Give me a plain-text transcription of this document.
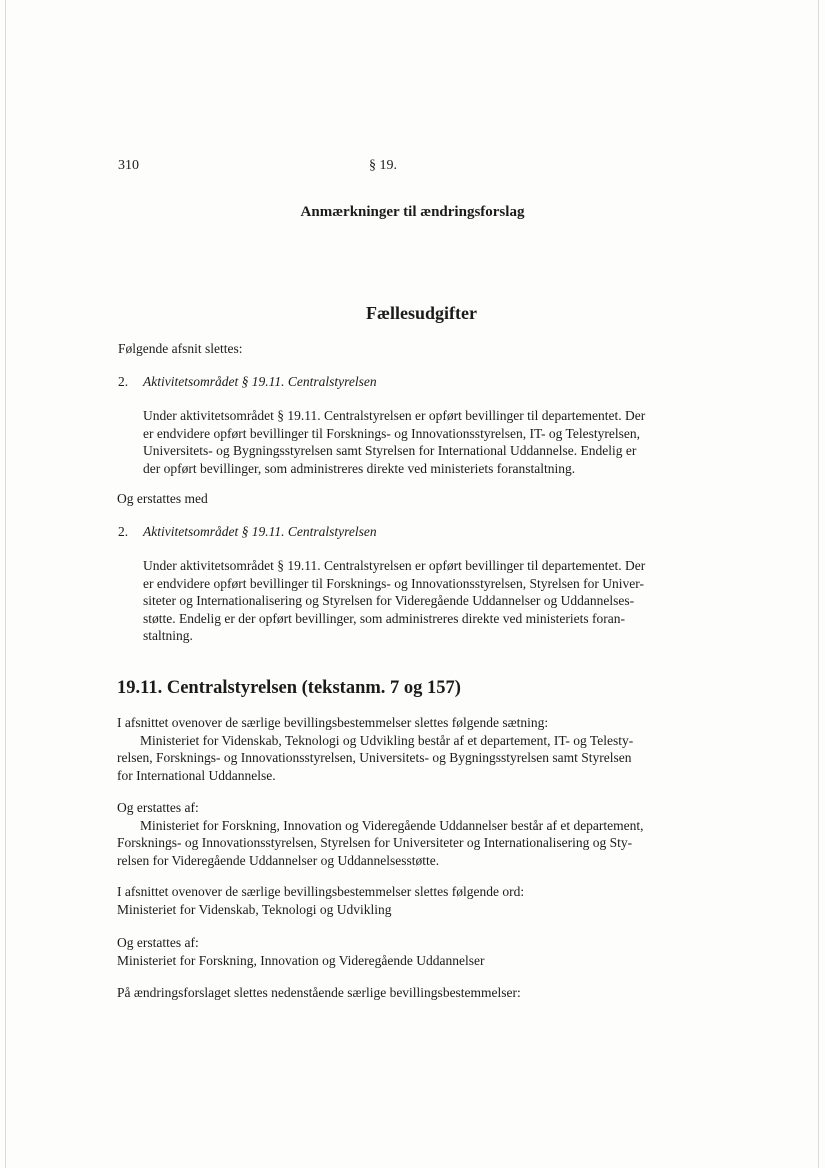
310	§ 19.
Anmærkninger til ændringsforslag
Fællesudgifter
Følgende afsnit slettes:
2. Aktivitetsområdet § 19.11. Centralstyrelsen
Under aktivitetsområdet § 19.11. Centralstyrelsen er opført bevillinger til departementet. Der
er endvidere opført bevillinger til Forsknings- og Innovationsstyrelsen, IT- og Telestyrelsen,
Universitets- og Bygningsstyrelsen samt Styrelsen for International Uddannelse. Endelig er
der opført bevillinger, som administreres direkte ved ministeriets foranstaltning.
Og erstattes med
2. Aktivitetsområdet § 19.11. Centralstyrelsen
Under aktivitetsområdet § 19.11. Centralstyrelsen er opført bevillinger til departementet. Der
er endvidere opført bevillinger til Forsknings- og Innovationsstyrelsen, Styrelsen for Univer-
siteter og Internationalisering og Styrelsen for Videregående Uddannelser og Uddannelses-
støtte. Endelig er der opført bevillinger, som administreres direkte ved ministeriets foran-
staltning.
19.11. Centralstyrelsen (tekstanm. 7 og 157)
I afsnittet ovenover de særlige bevillingsbestemmelser slettes følgende sætning:
Ministeriet for Videnskab, Teknologi og Udvikling består af et departement, IT- og Telesty-
relsen, Forsknings- og Innovationsstyrelsen, Universitets- og Bygningsstyrelsen samt Styrelsen
for International Uddannelse.
Og erstattes af:
Ministeriet for Forskning, Innovation og Videregående Uddannelser består af et departement,
Forsknings- og Innovationsstyrelsen, Styrelsen for Universiteter og Internationalisering og Sty-
relsen for Videregående Uddannelser og Uddannelsesstøtte.
I afsnittet ovenover de særlige bevillingsbestemmelser slettes følgende ord:
Ministeriet for Videnskab, Teknologi og Udvikling
Og erstattes af:
Ministeriet for Forskning, Innovation og Videregående Uddannelser
På ændringsforslaget slettes nedenstående særlige bevillingsbestemmelser:
